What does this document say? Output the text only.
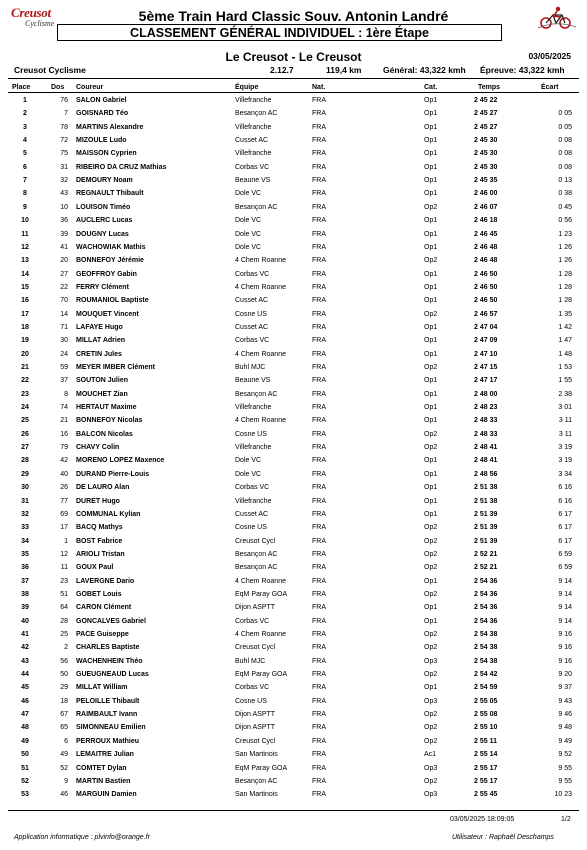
Creusot
Cyclisme	5ème Train Hard Classic Souv. Antonin Landré
CLASSEMENT GÉNÉRAL INDIVIDUEL : 1ère Étape
Le Creusot - Le Creusot	03/05/2025
Creusot Cyclisme	2.12.7	119,4 km	Général: 43,322 kmh Épreuve: 43,322 kmh
Place	Dos Coureur	Équipe	Nat.	Cat.	Temps	Écart
1	76 SALON Gabriel	Villefranche	FRA	Op1	2 45 22
2	7 GOISNARD Téo	Besançon AC	FRA	Op1	2 45 27	0 05
3	78 MARTINS Alexandre	Villefranche	FRA	Op1	2 45 27	0 05
4	72 MIZOULE Ludo	Cusset AC	FRA	Op1	2 45 30	0 08
5	75 MAISSON Cyprien	Villefranche	FRA	Op1	2 45 30	0 08
6	31 RIBEIRO DA CRUZ Mathias	Corbas VC	FRA	Op1	2 45 30	0 08
7	32 DEMOURY Noam	Beaune VS	FRA	Op1	2 45 35	0 13
8	43 REGNAULT Thibault	Dole VC	FRA	Op1	2 46 00	0 38
9	10 LOUISON Timéo	Besançon AC	FRA	Op2	2 46 07	0 45
10	36 AUCLERC Lucas	Dole VC	FRA	Op1	2 46 18	0 56
11	39 DOUGNY Lucas	Dole VC	FRA	Op1	2 46 45	1 23
12	41 WACHOWIAK Mathis	Dole VC	FRA	Op1	2 46 48	1 26
13	20 BONNEFOY Jérémie	4 Chem Roanne	FRA	Op2	2 46 48	1 26
14	27 GEOFFROY Gabin	Corbas VC	FRA	Op1	2 46 50	1 28
15	22 FERRY Clément	4 Chem Roanne	FRA	Op1	2 46 50	1 28
16	70 ROUMANIOL Baptiste	Cusset AC	FRA	Op1	2 46 50	1 28
17	14 MOUQUET Vincent	Cosne US	FRA	Op2	2 46 57	1 35
18	71 LAFAYE Hugo	Cusset AC	FRA	Op1	2 47 04	1 42
19	30 MILLAT Adrien	Corbas VC	FRA	Op1	2 47 09	1 47
20	24 CRETIN Jules	4 Chem Roanne	FRA	Op1	2 47 10	1 48
21	59 MEYER IMBER Clément	Buhl MJC	FRA	Op2	2 47 15	1 53
22	37 SOUTON Julien	Beaune VS	FRA	Op1	2 47 17	1 55
23	8 MOUCHET Zian	Besançon AC	FRA	Op1	2 48 00	2 38
24	74 HERTAUT Maxime	Villefranche	FRA	Op1	2 48 23	3 01
25	21 BONNEFOY Nicolas	4 Chem Roanne	FRA	Op1	2 48 33	3 11
26	16 BALCON Nicolas	Cosne US	FRA	Op2	2 48 33	3 11
27	79 CHAVY Colin	Villefranche	FRA	Op2	2 48 41	3 19
28	42 MORENO LOPEZ Maxence	Dole VC	FRA	Op1	2 48 41	3 19
29	40 DURAND Pierre-Louis	Dole VC	FRA	Op1	2 48 56	3 34
30	26 DE LAURO Alan	Corbas VC	FRA	Op1	2 51 38	6 16
31	77 DURET Hugo	Villefranche	FRA	Op1	2 51 38	6 16
32	69 COMMUNAL Kylian	Cusset AC	FRA	Op1	2 51 39	6 17
33	17 BACQ Mathys	Cosne US	FRA	Op2	2 51 39	6 17
34	1 BOST Fabrice	Creusot Cycl	FRA	Op2	2 51 39	6 17
35	12 ARIOLI Tristan	Besançon AC	FRA	Op2	2 52 21	6 59
36	11 GOUX Paul	Besançon AC	FRA	Op2	2 52 21	6 59
37	23 LAVERGNE Dario	4 Chem Roanne	FRA	Op1	2 54 36	9 14
38	51 GOBET Louis	EqM Paray GOA	FRA	Op2	2 54 36	9 14
39	64 CARON Clément	Dijon ASPTT	FRA	Op1	2 54 36	9 14
40	28 GONCALVES Gabriel	Corbas VC	FRA	Op1	2 54 36	9 14
41	25 PACE Guiseppe	4 Chem Roanne	FRA	Op2	2 54 38	9 16
42	2 CHARLES Baptiste	Creusot Cycl	FRA	Op2	2 54 38	9 16
43	56 WACHENHEIN Théo	Buhl MJC	FRA	Op3	2 54 38	9 16
44	50 GUEUGNEAUD Lucas	EqM Paray GOA	FRA	Op2	2 54 42	9 20
45	29 MILLAT William	Corbas VC	FRA	Op1	2 54 59	9 37
46	18 PELOILLE Thibault	Cosne US	FRA	Op3	2 55 05	9 43
47	67 RAIMBAULT Ivann	Dijon ASPTT	FRA	Op2	2 55 08	9 46
48	65 SIMONNEAU Emilien	Dijon ASPTT	FRA	Op2	2 55 10	9 48
49	6 PERROUX Mathieu	Creusot Cycl	FRA	Op2	2 55 11	9 49
50	49 LEMAITRE Julian	San Martinois	FRA	Ac1	2 55 14	9 52
51	52 COMTET Dylan	EqM Paray GOA	FRA	Op3	2 55 17	9 55
52	9 MARTIN Bastien	Besançon AC	FRA	Op2	2 55 17	9 55
53	46 MARGUIN Damien	San Martinois	FRA	Op3	2 55 45	10 23
03/05/2025 18:09:05	1/2
Application informatique : plvinfo@orange.fr	Utilisateur : Raphaël Deschamps
